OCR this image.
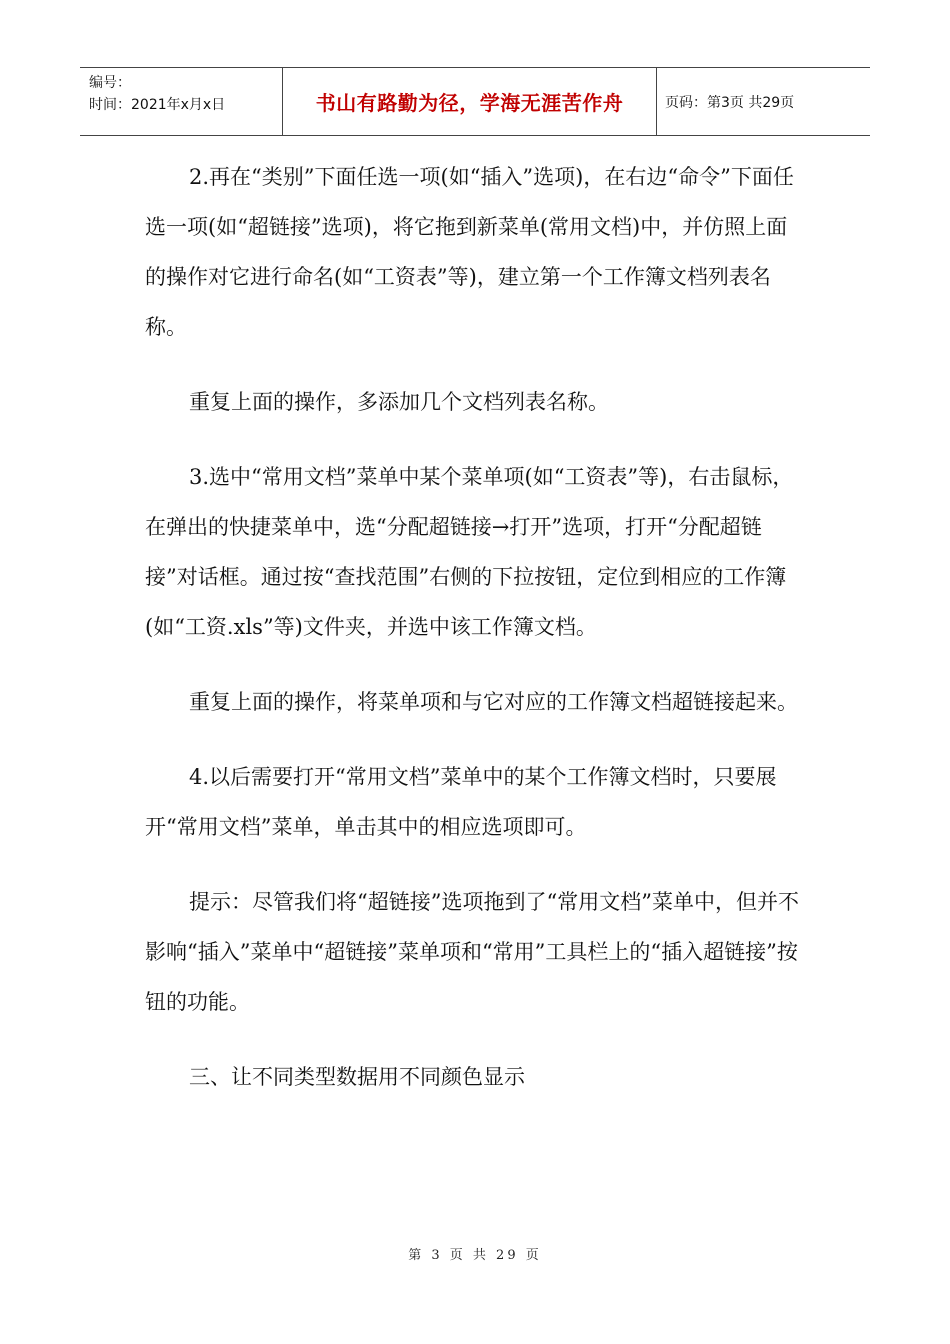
编号：
时间：2021年x月x日	书山有路勤为径，学海无涯苦作舟	页码：第3页 共29页

2.再在“类别”下面任选一项(如“插入”选项)，在右边“命令”下面任选一项(如“超链接”选项)，将它拖到新菜单(常用文档)中，并仿照上面的操作对它进行命名(如“工资表”等)，建立第一个工作簿文档列表名称。

重复上面的操作，多添加几个文档列表名称。

3.选中“常用文档”菜单中某个菜单项(如“工资表”等)，右击鼠标，在弹出的快捷菜单中，选“分配超链接→打开”选项，打开“分配超链接”对话框。通过按“查找范围”右侧的下拉按钮，定位到相应的工作簿(如“工资.xls”等)文件夹，并选中该工作簿文档。

重复上面的操作，将菜单项和与它对应的工作簿文档超链接起来。

4.以后需要打开“常用文档”菜单中的某个工作簿文档时，只要展开“常用文档”菜单，单击其中的相应选项即可。

提示：尽管我们将“超链接”选项拖到了“常用文档”菜单中，但并不影响“插入”菜单中“超链接”菜单项和“常用”工具栏上的“插入超链接”按钮的功能。

三、让不同类型数据用不同颜色显示

第 3 页 共 29 页
